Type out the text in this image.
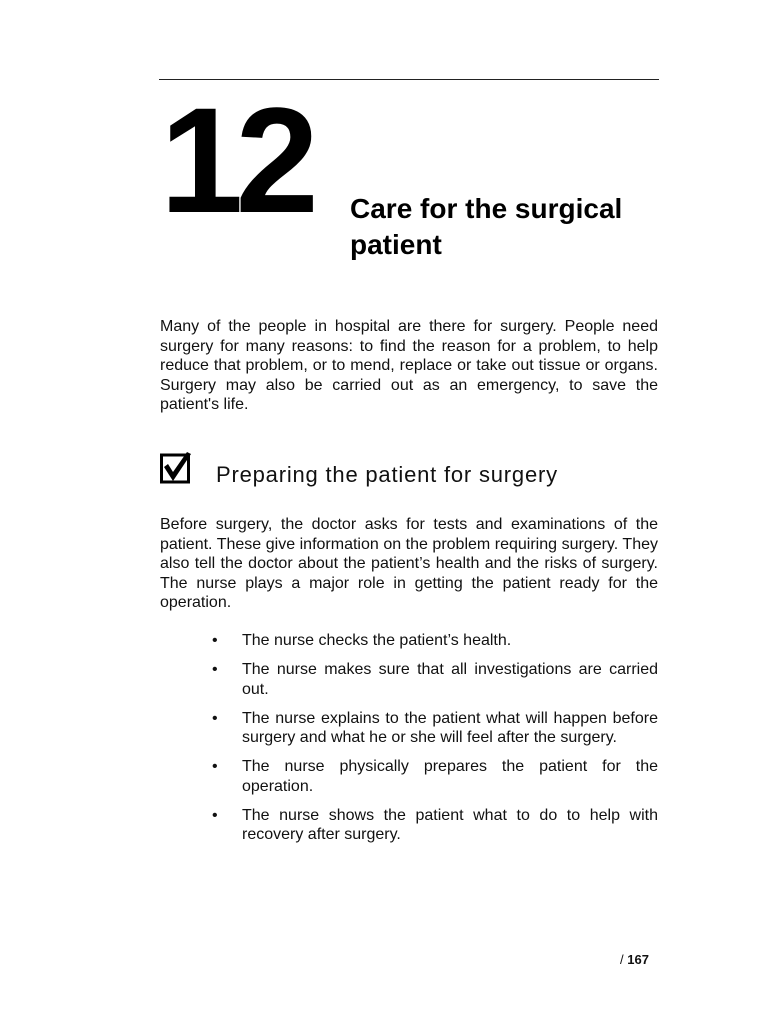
12 Care for the surgical patient

Many of the people in hospital are there for surgery. People need surgery for many reasons: to find the reason for a problem, to help reduce that problem, or to mend, replace or take out tissue or organs. Surgery may also be carried out as an emergency, to save the patient's life.

Preparing the patient for surgery

Before surgery, the doctor asks for tests and examinations of the patient. These give information on the problem requiring surgery. They also tell the doctor about the patient’s health and the risks of surgery. The nurse plays a major role in getting the patient ready for the operation.

• The nurse checks the patient’s health.
• The nurse makes sure that all investigations are carried out.
• The nurse explains to the patient what will happen before surgery and what he or she will feel after the surgery.
• The nurse physically prepares the patient for the operation.
• The nurse shows the patient what to do to help with recovery after surgery.
/ 167
